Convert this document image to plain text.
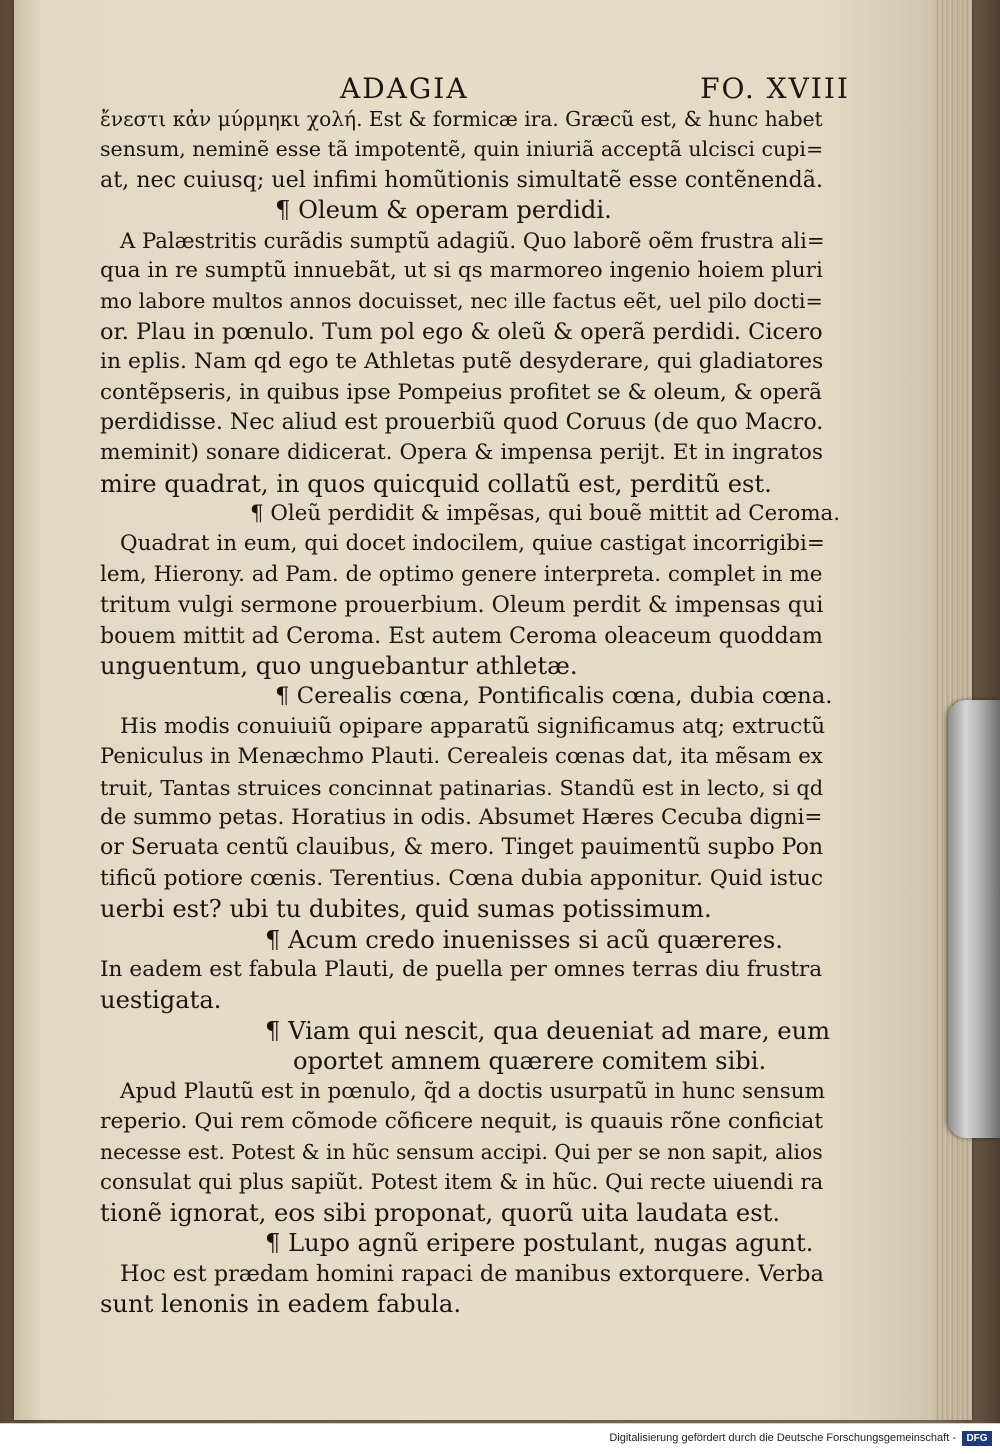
ADAGIA	FO. XVIII
ἔνεστι κἀν μύρμηκι χολή. Est & formicæ ira. Græcũ est, & hunc habet
sensum, neminẽ esse tã impotentẽ, quin iniuriã acceptã ulcisci cupi=
at, nec cuiusq; uel infimi homũtionis simultatẽ esse contẽnendã.
¶ Oleum & operam perdidi.
A Palæstritis curãdis sumptũ adagiũ. Quo laborẽ oẽm frustra ali=
qua in re sumptũ innuebãt, ut si qs marmoreo ingenio hoiem pluri
mo labore multos annos docuisset, nec ille factus eẽt, uel pilo docti=
or. Plau in pœnulo. Tum pol ego & oleũ & operã perdidi. Cicero
in eplis. Nam qd ego te Athletas putẽ desyderare, qui gladiatores
contẽpseris, in quibus ipse Pompeius profitet se & oleum, & operã
perdidisse. Nec aliud est prouerbiũ quod Coruus (de quo Macro.
meminit) sonare didicerat. Opera & impensa perijt. Et in ingratos
mire quadrat, in quos quicquid collatũ est, perditũ est.
¶ Oleũ perdidit & impẽsas, qui bouẽ mittit ad Ceroma.
Quadrat in eum, qui docet indocilem, quiue castigat incorrigibi=
lem, Hierony. ad Pam. de optimo genere interpreta. complet in me
tritum vulgi sermone prouerbium. Oleum perdit & impensas qui
bouem mittit ad Ceroma. Est autem Ceroma oleaceum quoddam
unguentum, quo unguebantur athletæ.
¶ Cerealis cœna, Pontificalis cœna, dubia cœna.
His modis conuiuiũ opipare apparatũ significamus atq; extructũ
Peniculus in Menæchmo Plauti. Cerealeis cœnas dat, ita mẽsam ex
truit, Tantas struices concinnat patinarias. Standũ est in lecto, si qd
de summo petas. Horatius in odis. Absumet Hæres Cecuba digni=
or Seruata centũ clauibus, & mero. Tinget pauimentũ supbo Pon
tificũ potiore cœnis. Terentius. Cœna dubia apponitur. Quid istuc
uerbi est? ubi tu dubites, quid sumas potissimum.
¶ Acum credo inuenisses si acũ quæreres.
In eadem est fabula Plauti, de puella per omnes terras diu frustra
uestigata.
¶ Viam qui nescit, qua deueniat ad mare, eum
oportet amnem quærere comitem sibi.
Apud Plautũ est in pœnulo, q̃d a doctis usurpatũ in hunc sensum
reperio. Qui rem cõmode cõficere nequit, is quauis rõne conficiat
necesse est. Potest & in hũc sensum accipi. Qui per se non sapit, alios
consulat qui plus sapiũt. Potest item & in hũc. Qui recte uiuendi ra
tionẽ ignorat, eos sibi proponat, quorũ uita laudata est.
¶ Lupo agnũ eripere postulant, nugas agunt.
Hoc est prædam homini rapaci de manibus extorquere. Verba
sunt lenonis in eadem fabula.
Digitalisierung gefördert durch die Deutsche Forschungsgemeinschaft -	DFG
